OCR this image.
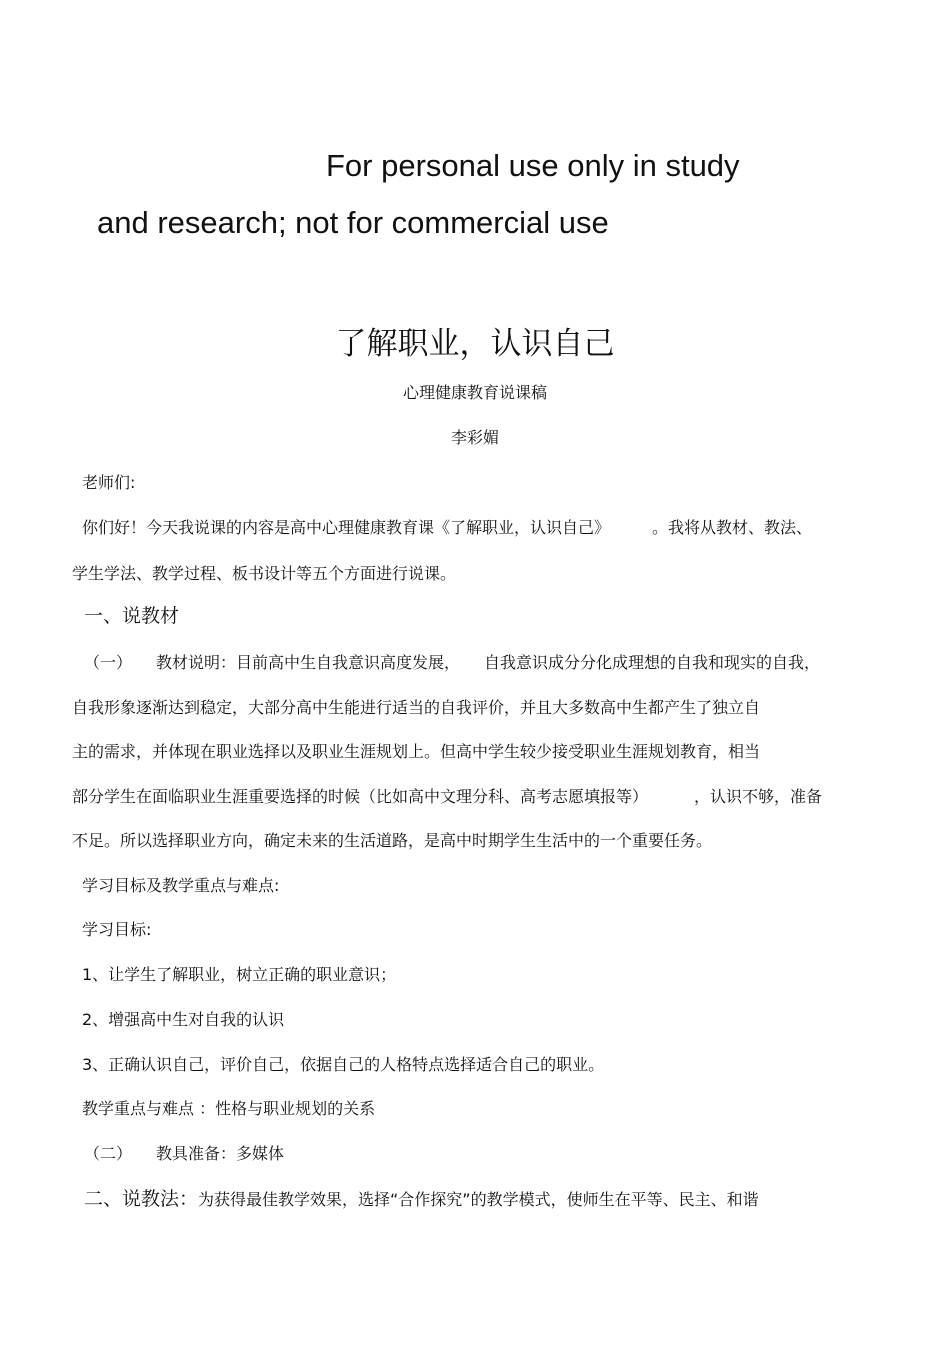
For personal use only in study
and research; not for commercial use
了解职业，认识自己
心理健康教育说课稿
李彩媚
老师们:
你们好！今天我说课的内容是高中心理健康教育课《了解职业，认识自己》	。我将从教材、教法、
学生学法、教学过程、板书设计等五个方面进行说课。
一、说教材
（一） 教材说明：目前高中生自我意识高度发展， 自我意识成分分化成理想的自我和现实的自我，
自我形象逐渐达到稳定，大部分高中生能进行适当的自我评价，并且大多数高中生都产生了独立自
主的需求，并体现在职业选择以及职业生涯规划上。但高中学生较少接受职业生涯规划教育，相当
部分学生在面临职业生涯重要选择的时候（比如高中文理分科、高考志愿填报等）	，认识不够，准备
不足。所以选择职业方向，确定未来的生活道路，是高中时期学生生活中的一个重要任务。
学习目标及教学重点与难点:
学习目标:
1、让学生了解职业，树立正确的职业意识；
2、增强高中生对自我的认识
3、正确认识自己，评价自己，依据自己的人格特点选择适合自己的职业。
教学重点与难点 ：性格与职业规划的关系
（二） 教具准备：多媒体
二、说教法：为获得最佳教学效果，选择“合作探究”的教学模式，使师生在平等、民主、和谐
